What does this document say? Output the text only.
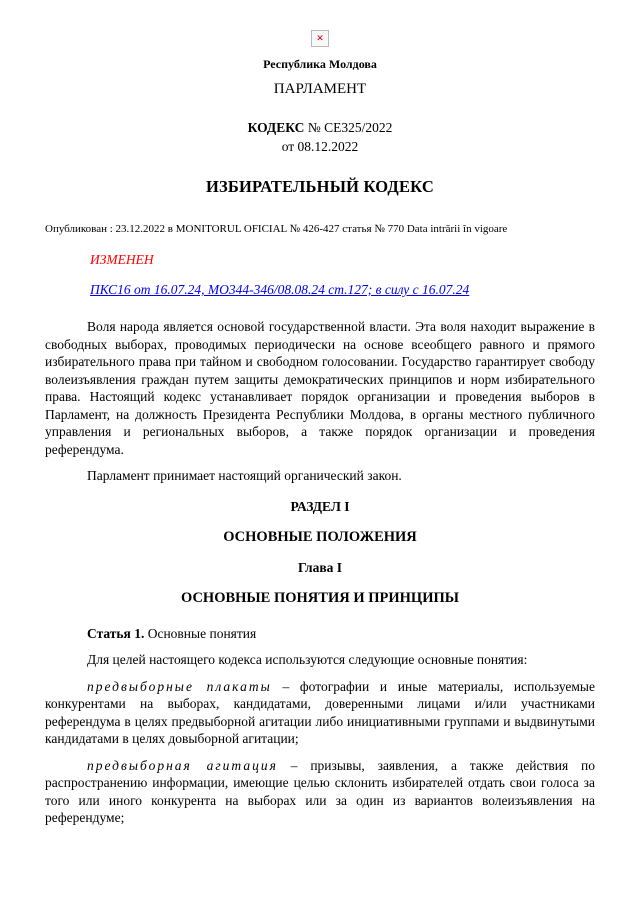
✕
Республика Молдова
ПАРЛАМЕНТ
КОДЕКС № CE325/2022
от 08.12.2022
ИЗБИРАТЕЛЬНЫЙ КОДЕКС
Опубликован : 23.12.2022 в MONITORUL OFICIAL № 426-427 статья № 770 Data intrării în vigoare
ИЗМЕНЕН
ПКС16 от 16.07.24, МО344-346/08.08.24 ст.127; в силу с 16.07.24

Воля народа является основой государственной власти. Эта воля находит выражение в свободных выборах, проводимых периодически на основе всеобщего равного и прямого избирательного права при тайном и свободном голосовании. Государство гарантирует свободу волеизъявления граждан путем защиты демократических принципов и норм избирательного права. Настоящий кодекс устанавливает порядок организации и проведения выборов в Парламент, на должность Президента Республики Молдова, в органы местного публичного управления и региональных выборов, а также порядок организации и проведения референдума.

Парламент принимает настоящий органический закон.

РАЗДЕЛ I
ОСНОВНЫЕ ПОЛОЖЕНИЯ
Глава I
ОСНОВНЫЕ ПОНЯТИЯ И ПРИНЦИПЫ

Статья 1. Основные понятия

Для целей настоящего кодекса используются следующие основные понятия:

предвыборные плакаты – фотографии и иные материалы, используемые конкурентами на выборах, кандидатами, доверенными лицами и/или участниками референдума в целях предвыборной агитации либо инициативными группами и выдвинутыми кандидатами в целях довыборной агитации;

предвыборная агитация – призывы, заявления, а также действия по распространению информации, имеющие целью склонить избирателей отдать свои голоса за того или иного конкурента на выборах или за один из вариантов волеизъявления на референдуме;
